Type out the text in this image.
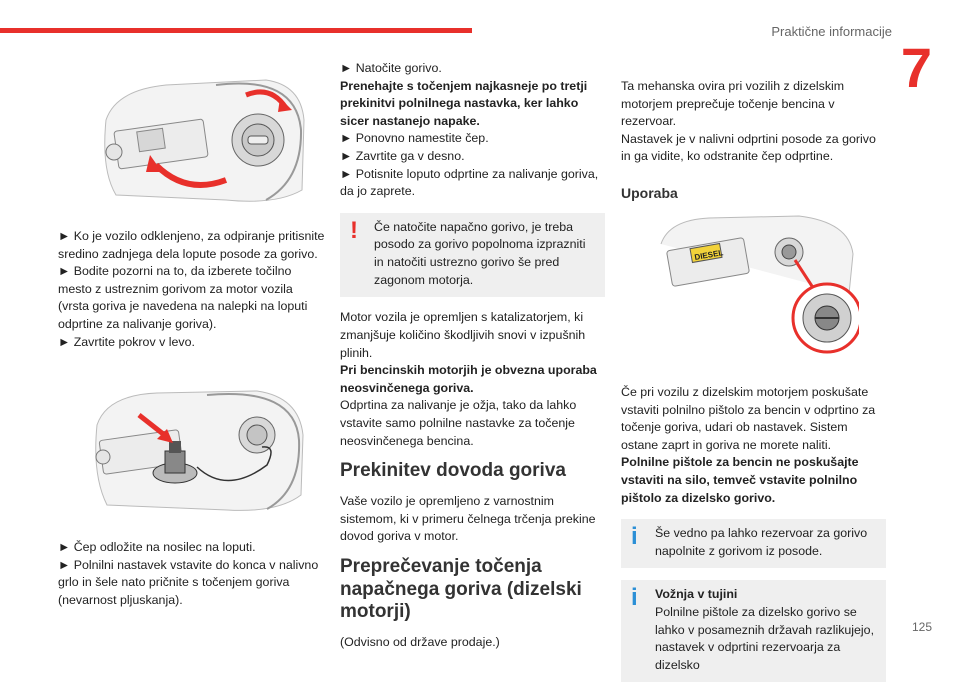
Praktične informacije
7
125

► Ko je vozilo odklenjeno, za odpiranje pritisnite sredino zadnjega dela lopute posode za gorivo.

► Bodite pozorni na to, da izberete točilno mesto z ustreznim gorivom za motor vozila (vrsta goriva je navedena na nalepki na loputi odprtine za nalivanje goriva).

► Zavrtite pokrov v levo.

► Čep odložite na nosilec na loputi.

► Polnilni nastavek vstavite do konca v nalivno grlo in šele nato pričnite s točenjem goriva (nevarnost pljuskanja).

► Natočite gorivo.

Prenehajte s točenjem najkasneje po tretji prekinitvi polnilnega nastavka, ker lahko sicer nastanejo napake.

► Ponovno namestite čep.

► Zavrtite ga v desno.

► Potisnite loputo odprtine za nalivanje goriva, da jo zaprete.

! Če natočite napačno gorivo, je treba posodo za gorivo popolnoma izprazniti in natočiti ustrezno gorivo še pred zagonom motorja.

Motor vozila je opremljen s katalizatorjem, ki zmanjšuje količino škodljivih snovi v izpušnih plinih.

Pri bencinskih motorjih je obvezna uporaba neosvinčenega goriva.

Odprtina za nalivanje je ožja, tako da lahko vstavite samo polnilne nastavke za točenje neosvinčenega bencina.

Prekinitev dovoda goriva

Vaše vozilo je opremljeno z varnostnim sistemom, ki v primeru čelnega trčenja prekine dovod goriva v motor.

Preprečevanje točenja napačnega goriva (dizelski motorji)

(Odvisno od države prodaje.)

Ta mehanska ovira pri vozilih z dizelskim motorjem preprečuje točenje bencina v rezervoar.

Nastavek je v nalivni odprtini posode za gorivo in ga vidite, ko odstranite čep odprtine.

Uporaba
DIESEL

Če pri vozilu z dizelskim motorjem poskušate vstaviti polnilno pištolo za bencin v odprtino za točenje goriva, udari ob nastavek. Sistem ostane zaprt in goriva ne morete naliti.

Polnilne pištole za bencin ne poskušajte vstaviti na silo, temveč vstavite polnilno pištolo za dizelsko gorivo.

i Še vedno pa lahko rezervoar za gorivo napolnite z gorivom iz posode.
i Vožnja v tujini
Polnilne pištole za dizelsko gorivo se lahko v posameznih državah razlikujejo, nastavek v odprtini rezervoarja za dizelsko
